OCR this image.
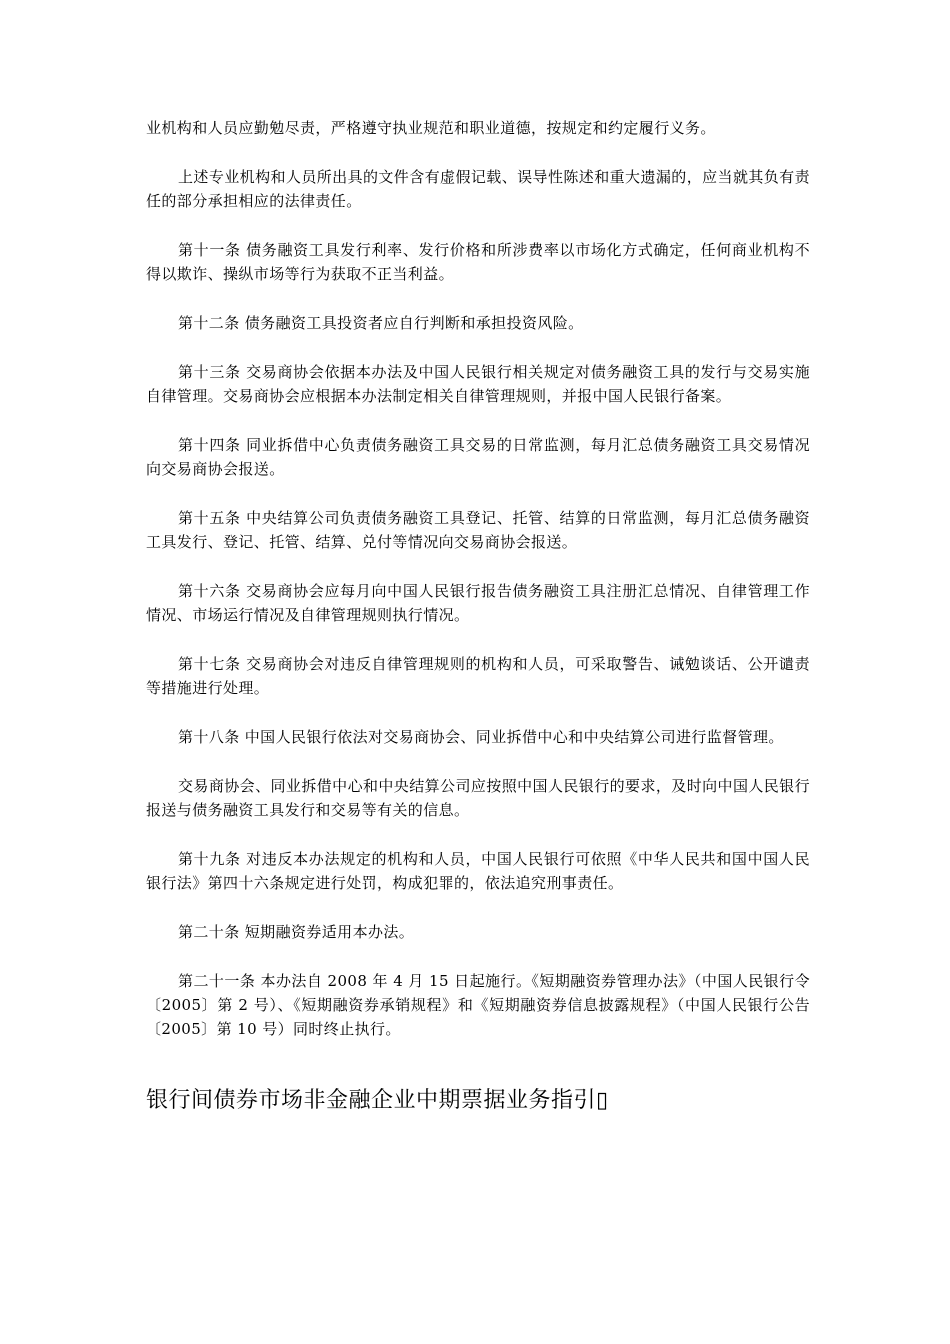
业机构和人员应勤勉尽责，严格遵守执业规范和职业道德，按规定和约定履行义务。

上述专业机构和人员所出具的文件含有虚假记载、误导性陈述和重大遗漏的，应当就其负有责任的部分承担相应的法律责任。

第十一条 债务融资工具发行利率、发行价格和所涉费率以市场化方式确定，任何商业机构不得以欺诈、操纵市场等行为获取不正当利益。

第十二条 债务融资工具投资者应自行判断和承担投资风险。

第十三条 交易商协会依据本办法及中国人民银行相关规定对债务融资工具的发行与交易实施自律管理。交易商协会应根据本办法制定相关自律管理规则，并报中国人民银行备案。

第十四条 同业拆借中心负责债务融资工具交易的日常监测，每月汇总债务融资工具交易情况向交易商协会报送。

第十五条 中央结算公司负责债务融资工具登记、托管、结算的日常监测，每月汇总债务融资工具发行、登记、托管、结算、兑付等情况向交易商协会报送。

第十六条 交易商协会应每月向中国人民银行报告债务融资工具注册汇总情况、自律管理工作情况、市场运行情况及自律管理规则执行情况。

第十七条 交易商协会对违反自律管理规则的机构和人员，可采取警告、诫勉谈话、公开谴责等措施进行处理。

第十八条 中国人民银行依法对交易商协会、同业拆借中心和中央结算公司进行监督管理。

交易商协会、同业拆借中心和中央结算公司应按照中国人民银行的要求，及时向中国人民银行报送与债务融资工具发行和交易等有关的信息。

第十九条 对违反本办法规定的机构和人员，中国人民银行可依照《中华人民共和国中国人民银行法》第四十六条规定进行处罚，构成犯罪的，依法追究刑事责任。

第二十条 短期融资券适用本办法。

第二十一条 本办法自 2008 年 4 月 15 日起施行。《短期融资券管理办法》（中国人民银行令〔2005〕第 2 号）、《短期融资券承销规程》和《短期融资券信息披露规程》（中国人民银行公告〔2005〕第 10 号）同时终止执行。

银行间债券市场非金融企业中期票据业务指引▯
